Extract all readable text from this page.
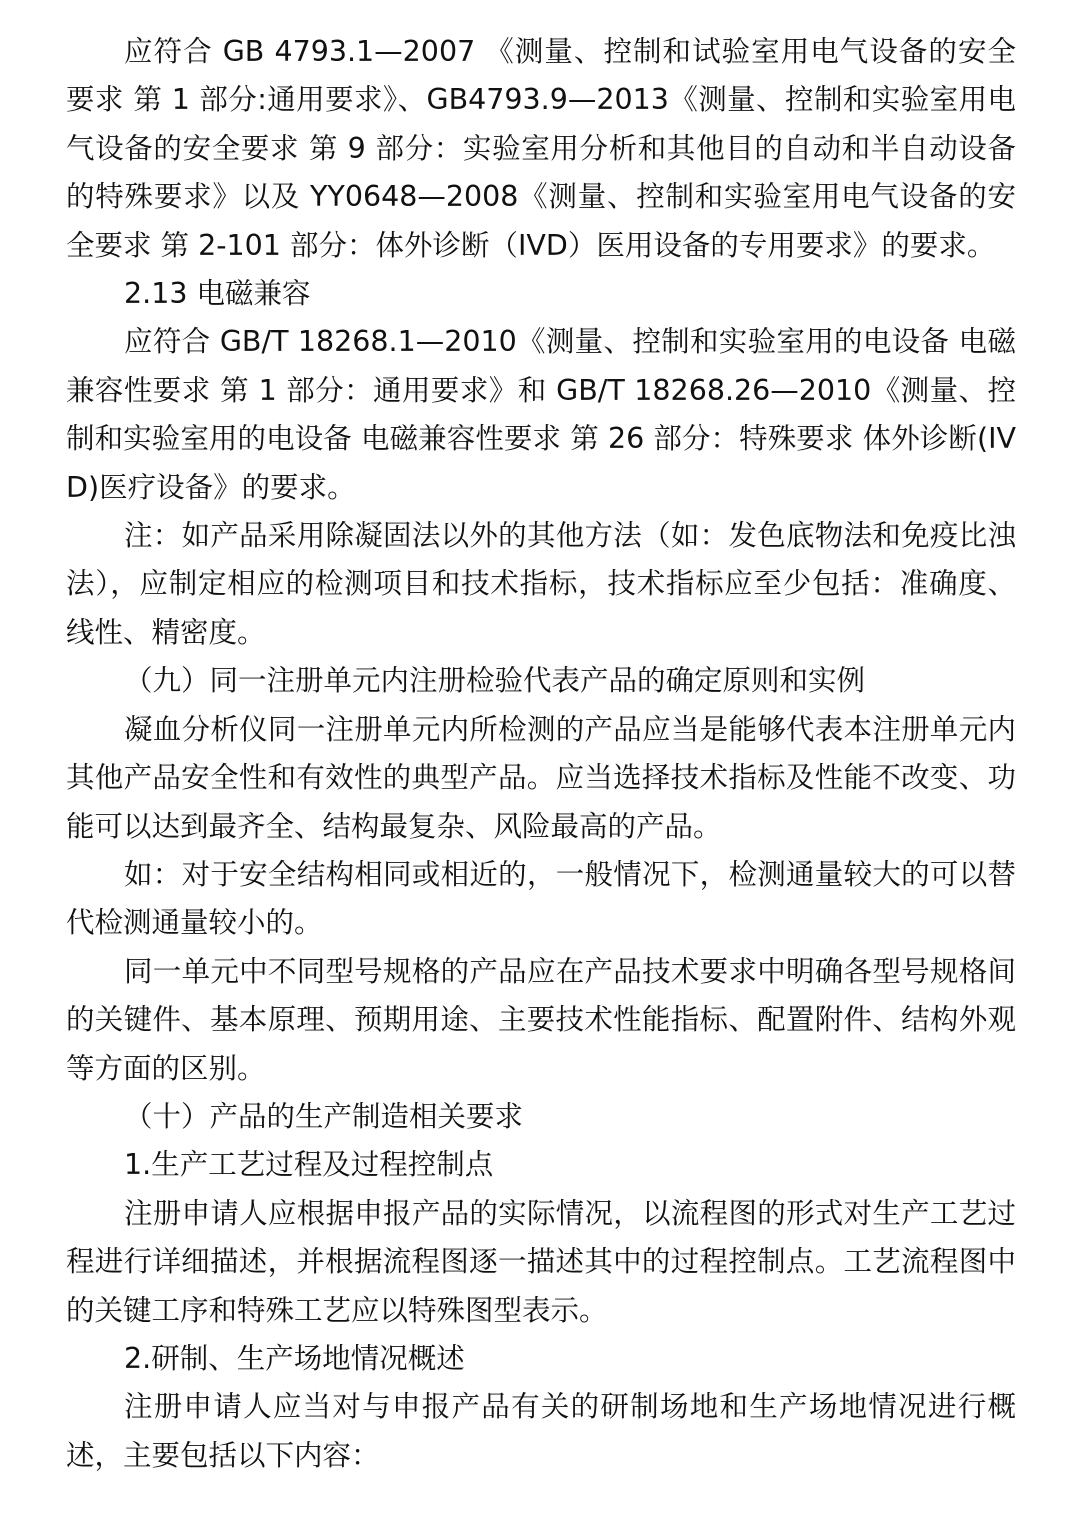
应符合 GB 4793.1—2007 《测量、控制和试验室用电气设备的安全要求 第 1 部分:通用要求》、GB4793.9—2013《测量、控制和实验室用电气设备的安全要求 第 9 部分：实验室用分析和其他目的自动和半自动设备的特殊要求》以及 YY0648—2008《测量、控制和实验室用电气设备的安全要求 第 2-101 部分：体外诊断（IVD）医用设备的专用要求》的要求。

2.13 电磁兼容

应符合 GB/T 18268.1—2010《测量、控制和实验室用的电设备 电磁兼容性要求 第 1 部分：通用要求》和 GB/T 18268.26—2010《测量、控制和实验室用的电设备 电磁兼容性要求 第 26 部分：特殊要求 体外诊断(IVD)医疗设备》的要求。

注：如产品采用除凝固法以外的其他方法（如：发色底物法和免疫比浊法），应制定相应的检测项目和技术指标，技术指标应至少包括：准确度、线性、精密度。

（九）同一注册单元内注册检验代表产品的确定原则和实例

凝血分析仪同一注册单元内所检测的产品应当是能够代表本注册单元内其他产品安全性和有效性的典型产品。应当选择技术指标及性能不改变、功能可以达到最齐全、结构最复杂、风险最高的产品。

如：对于安全结构相同或相近的，一般情况下，检测通量较大的可以替代检测通量较小的。

同一单元中不同型号规格的产品应在产品技术要求中明确各型号规格间的关键件、基本原理、预期用途、主要技术性能指标、配置附件、结构外观等方面的区别。

（十）产品的生产制造相关要求

1.生产工艺过程及过程控制点

注册申请人应根据申报产品的实际情况，以流程图的形式对生产工艺过程进行详细描述，并根据流程图逐一描述其中的过程控制点。工艺流程图中的关键工序和特殊工艺应以特殊图型表示。

2.研制、生产场地情况概述

注册申请人应当对与申报产品有关的研制场地和生产场地情况进行概述，主要包括以下内容：
